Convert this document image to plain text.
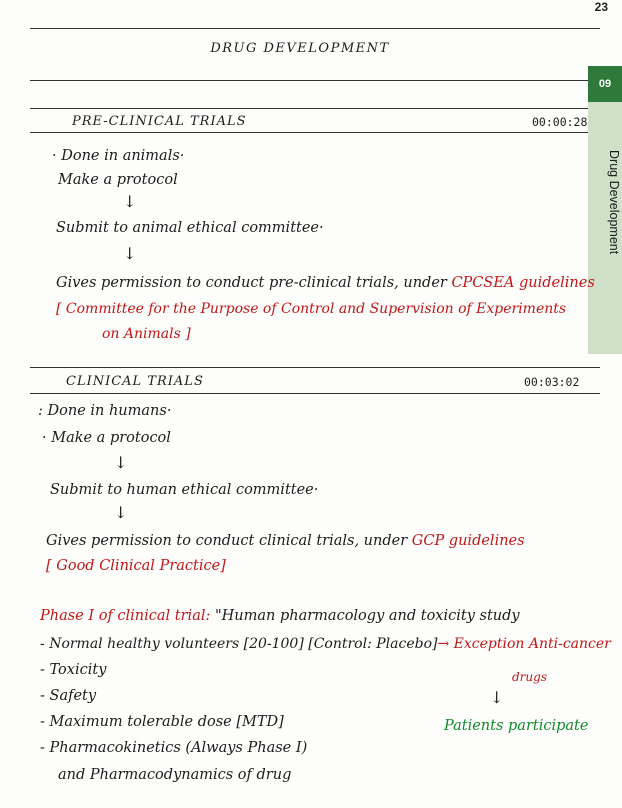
23
09
Drug Development
DRUG DEVELOPMENT
PRE-CLINICAL TRIALS	00:00:28
· Done in animals·
Make a protocol
↓
Submit to animal ethical committee·
↓
Gives permission to conduct pre-clinical trials, under CPCSEA guidelines
[ Committee for the Purpose of Control and Supervision of Experiments
on Animals ]
CLINICAL TRIALS	00:03:02
: Done in humans·
· Make a protocol
↓
Submit to human ethical committee·
↓
Gives permission to conduct clinical trials, under GCP guidelines
[ Good Clinical Practice]
Phase I of clinical trial: "Human pharmacology and toxicity study
- Normal healthy volunteers [20-100] [Control: Placebo]→ Exception Anti-cancer
- Toxicity	drugs
- Safety	↓
- Maximum tolerable dose [MTD]	Patients participate
- Pharmacokinetics (Always Phase I)
and Pharmacodynamics of drug
